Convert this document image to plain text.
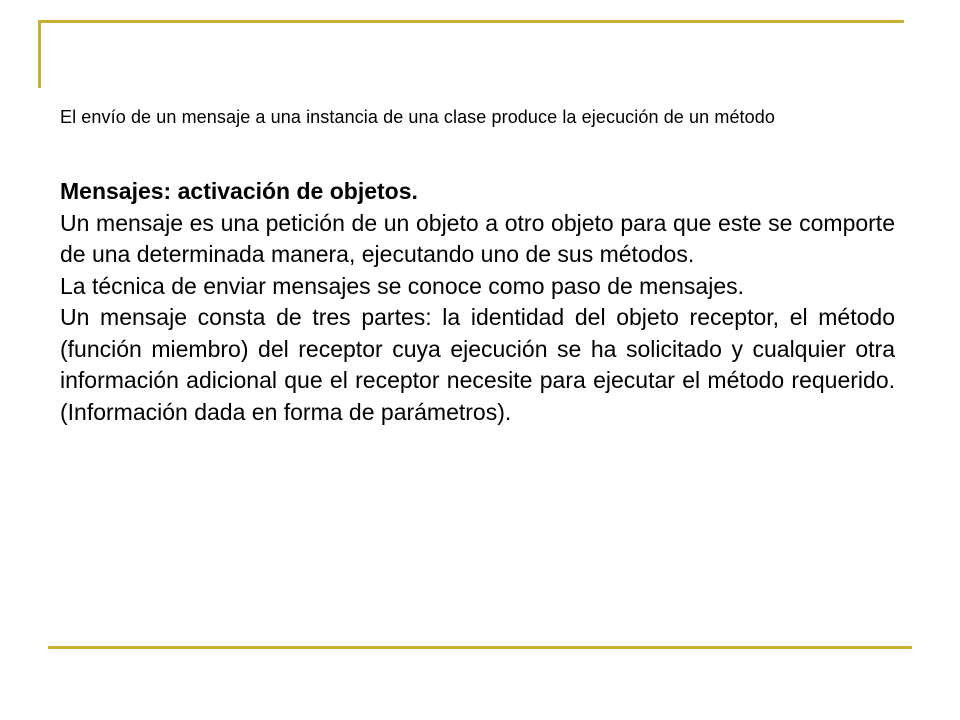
El envío de un mensaje a una instancia de una clase produce la ejecución de un método

Mensajes: activación de objetos.

Un mensaje es una petición de un objeto a otro objeto para que este se comporte de una determinada manera, ejecutando uno de sus métodos.

La técnica de enviar mensajes se conoce como paso de mensajes.

Un mensaje consta de tres partes: la identidad del objeto receptor, el método (función miembro) del receptor cuya ejecución se ha solicitado y cualquier otra información adicional que el receptor necesite para ejecutar el método requerido. (Información dada en forma de parámetros).
